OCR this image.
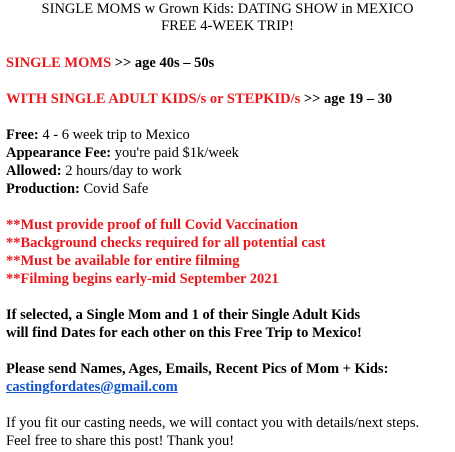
SINGLE MOMS w Grown Kids: DATING SHOW in MEXICO
FREE 4-WEEK TRIP!
SINGLE MOMS >> age 40s – 50s
WITH SINGLE ADULT KIDS/s or STEPKID/s >> age 19 – 30
Free: 4 - 6 week trip to Mexico
Appearance Fee: you're paid $1k/week
Allowed: 2 hours/day to work
Production: Covid Safe
**Must provide proof of full Covid Vaccination
**Background checks required for all potential cast
**Must be available for entire filming
**Filming begins early-mid September 2021
If selected, a Single Mom and 1 of their Single Adult Kids
will find Dates for each other on this Free Trip to Mexico!
Please send Names, Ages, Emails, Recent Pics of Mom + Kids:
castingfordates@gmail.com
If you fit our casting needs, we will contact you with details/next steps.
Feel free to share this post! Thank you!
